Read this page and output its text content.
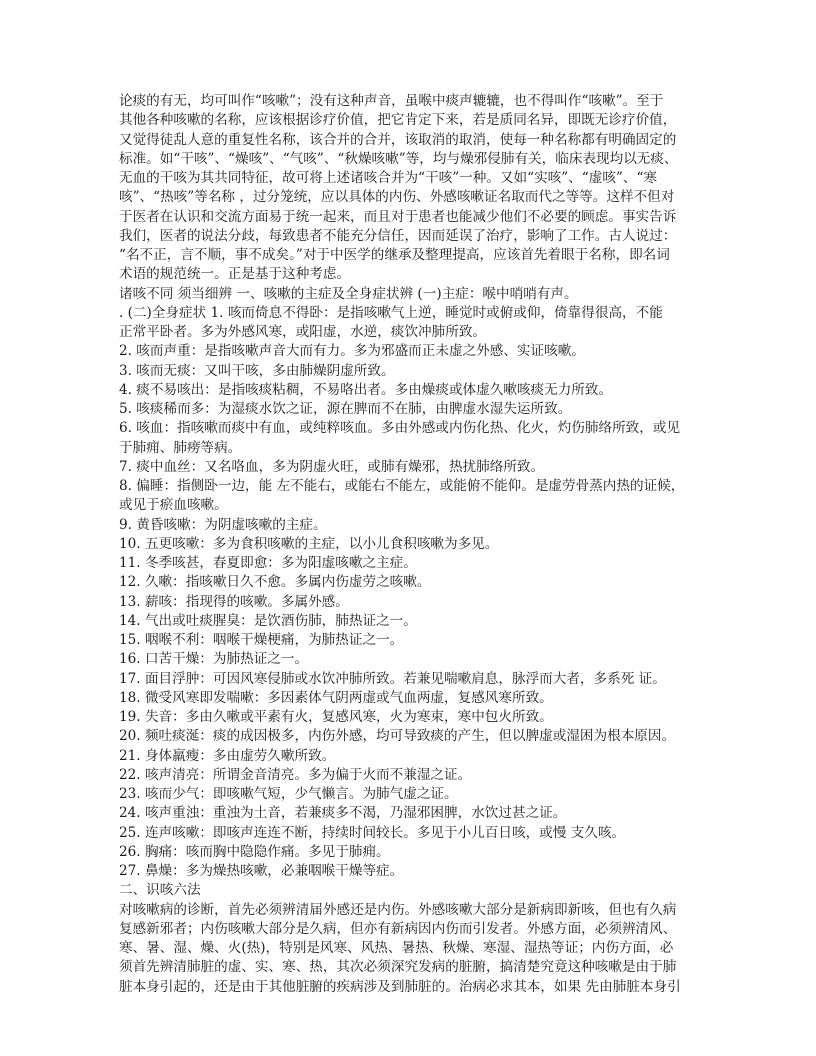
论痰的有无，均可叫作“咳嗽”；没有这种声音，虽喉中痰声辘辘，也不得叫作“咳嗽”。至于
其他各种咳嗽的名称，应该根据诊疗价值，把它肯定下来，若是质同名异，即既无诊疗价值，
又觉得徒乱人意的重复性名称，该合并的合并，该取消的取消，使每一种名称都有明确固定的
标准。如“干咳”、“燥咳”、“气咳”、“秋燥咳嗽”等，均与燥邪侵肺有关，临床表现均以无痰、
无血的干咳为其共同特征，故可将上述诸咳合并为“干咳”一种。又如“实咳”、“虚咳”、“寒
咳”、“热咳”等名称 ，过分笼统，应以具体的内伤、外感咳嗽证名取而代之等等。这样不但对
于医者在认识和交流方面易于统一起来，而且对于患者也能减少他们不必要的顾虑。事实告诉
我们，医者的说法分歧，每致患者不能充分信任，因而延误了治疗，影响了工作。古人说过：
“名不正，言不顺，事不成矣。”对于中医学的继承及整理提高，应该首先着眼于名称，即名词
术语的规范统一。正是基于这种考虑。
诸咳不同 须当细辨 一、咳嗽的主症及全身症状辨 (一)主症：喉中哨哨有声。
. (二)全身症状 1. 咳而倚息不得卧：是指咳嗽气上逆，睡觉时或俯或仰，倚靠得很高，不能
正常平卧者。多为外感风寒，或阳虚，水逆，痰饮冲肺所致。
2. 咳而声重：是指咳嗽声音大而有力。多为邪盛而正未虚之外感、实证咳嗽。
3. 咳而无痰：又叫干咳，多由肺燥阴虚所致。
4. 痰不易咳出：是指咳痰粘稠，不易咯出者。多由燥痰或体虚久嗽咳痰无力所致。
5. 咳痰稀而多：为湿痰水饮之证，源在脾而不在肺，由脾虚水湿失运所致。
6. 咳血：指咳嗽而痰中有血，或纯粹咳血。多由外感或内伤化热、化火，灼伤肺络所致，或见
于肺痈、肺痨等病。
7. 痰中血丝：又名咯血，多为阴虚火旺，或肺有燥邪，热扰肺络所致。
8. 偏睡：指侧卧一边，能 左不能右，或能右不能左，或能俯不能仰。是虚劳骨蒸内热的证候，
或见于瘀血咳嗽。
9. 黄昏咳嗽：为阴虚咳嗽的主症。
10. 五更咳嗽：多为食积咳嗽的主症，以小儿食积咳嗽为多见。
11. 冬季咳甚，春夏即愈：多为阳虚咳嗽之主症。
12. 久嗽：指咳嗽日久不愈。多属内伤虚劳之咳嗽。
13. 薪咳：指现得的咳嗽。多属外感。
14. 气出或吐痰腥臭：是饮酒伤肺，肺热证之一。
15. 咽喉不利：咽喉干燥梗痛，为肺热证之一。
16. 口苦干燥：为肺热证之一。
17. 面目浮肿：可因风寒侵肺或水饮冲肺所致。若兼见喘嗽肩息，脉浮而大者，多系死 证。
18. 微受风寒即发喘嗽：多因素体气阴两虚或气血两虚，复感风寒所致。
19. 失音：多由久嗽或平素有火，复感风寒，火为寒束，寒中包火所致。
20. 频吐痰涎：痰的成因极多，内伤外感，均可导致痰的产生，但以脾虚或湿困为根本原因。
21. 身体羸瘦：多由虚劳久嗽所致。
22. 咳声清亮：所谓金音清亮。多为偏于火而不兼湿之证。
23. 咳而少气：即咳嗽气短，少气懒言。为肺气虚之证。
24. 咳声重浊：重浊为土音，若兼痰多不渴，乃湿邪困脾，水饮过甚之证。
25. 连声咳嗽：即咳声连连不断，持续时间较长。多见于小儿百日咳，或慢 支久咳。
26. 胸痛：咳而胸中隐隐作痛。多见于肺痈。
27. 鼻燥：多为燥热咳嗽，必兼咽喉干燥等症。
二、识咳六法
对咳嗽病的诊断，首先必须辨清届外感还是内伤。外感咳嗽大部分是新病即新咳，但也有久病
复感新邪者；内伤咳嗽大部分是久病，但亦有新病因内伤而引发者。外感方面，必须辨清风、
寒、暑、湿、燥、火(热)，特别是风寒、风热、暑热、秋燥、寒湿、湿热等证；内伤方面，必
须首先辨清肺脏的虚、实、寒、热，其次必须深究发病的脏腑，搞清楚究竟这种咳嗽是由于肺
脏本身引起的，还是由于其他脏腑的疾病涉及到肺脏的。治病必求其本，如果 先由肺脏本身引
